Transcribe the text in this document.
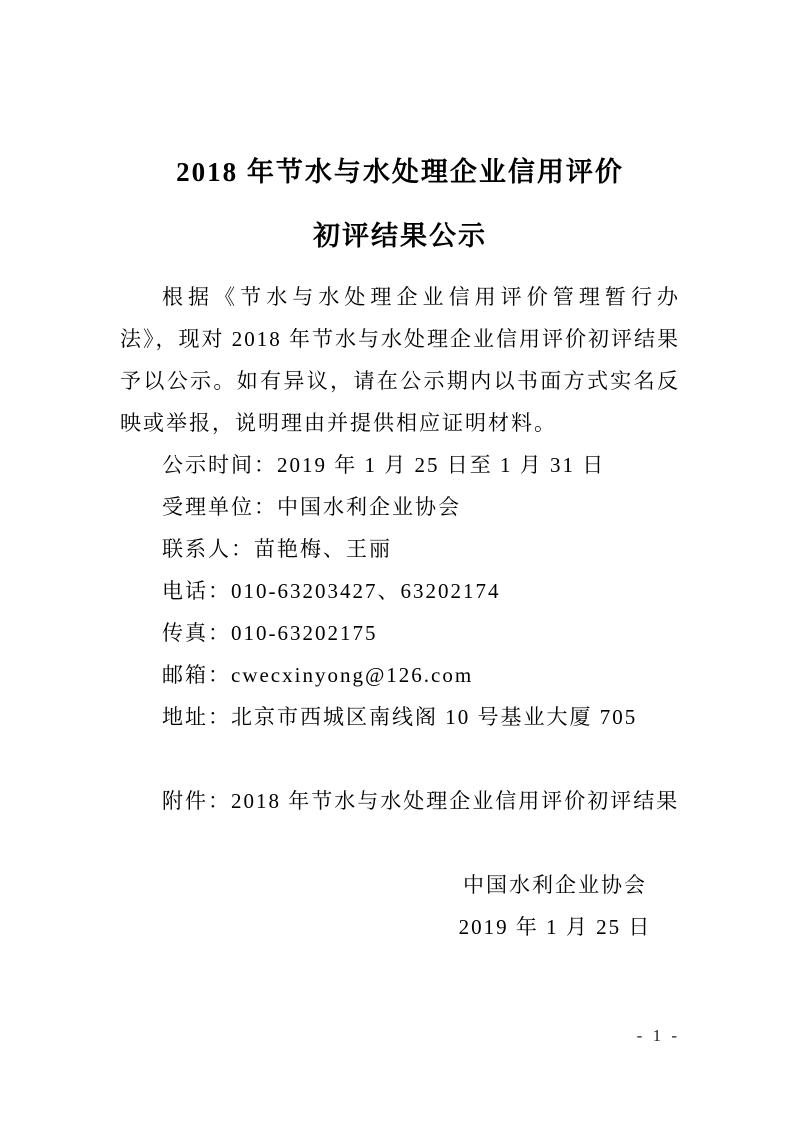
2018 年节水与水处理企业信用评价
初评结果公示

根据《节水与水处理企业信用评价管理暂行办法》，现对 2018 年节水与水处理企业信用评价初评结果予以公示。如有异议，请在公示期内以书面方式实名反映或举报，说明理由并提供相应证明材料。

公示时间：2019 年 1 月 25 日至 1 月 31 日
受理单位：中国水利企业协会
联系人：苗艳梅、王丽
电话：010-63203427、63202174
传真：010-63202175
邮箱：cwecxinyong@126.com
地址：北京市西城区南线阁 10 号基业大厦 705
附件：2018 年节水与水处理企业信用评价初评结果
中国水利企业协会
2019 年 1 月 25 日
- 1 -
